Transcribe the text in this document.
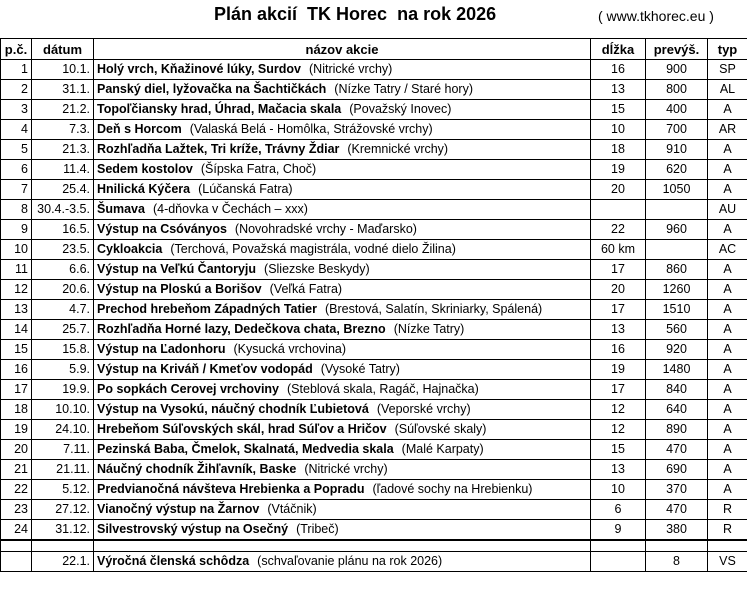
Plán akcií  TK Horec  na rok 2026	( www.tkhorec.eu )
p.č.	dátum	názov akcie	dĺžka	prevýš.	typ
1	10.1.	Holý vrch, Kňažinové lúky, Surdov (Nitrické vrchy)	16	900	SP
2	31.1.	Panský diel, lyžovačka na Šachtičkách (Nízke Tatry / Staré hory)	13	800	AL
3	21.2.	Topoľčiansky hrad, Úhrad, Mačacia skala (Považský Inovec)	15	400	A
4	7.3.	Deň s Horcom (Valaská Belá - Homôlka, Strážovské vrchy)	10	700	AR
5	21.3.	Rozhľadňa Lažtek, Tri kríže, Trávny Ždiar (Kremnické vrchy)	18	910	A
6	11.4.	Sedem kostolov (Šípska Fatra, Choč)	19	620	A
7	25.4.	Hnilická Kýčera (Lúčanská Fatra)	20	1050	A
8	30.4.-3.5.	Šumava (4-dňovka v Čechách – xxx)			AU
9	16.5.	Výstup na Csóványos (Novohradské vrchy - Maďarsko)	22	960	A
10	23.5.	Cykloakcia (Terchová, Považská magistrála, vodné dielo Žilina)	60 km		AC
11	6.6.	Výstup na Veľkú Čantoryju (Sliezske Beskydy)	17	860	A
12	20.6.	Výstup na Ploskú a Borišov (Veľká Fatra)	20	1260	A
13	4.7.	Prechod hrebeňom Západných Tatier (Brestová, Salatín, Skriniarky, Spálená)	17	1510	A
14	25.7.	Rozhľadňa Horné lazy, Dedečkova chata, Brezno (Nízke Tatry)	13	560	A
15	15.8.	Výstup na Ľadonhoru (Kysucká vrchovina)	16	920	A
16	5.9.	Výstup na Kriváň / Kmeťov vodopád (Vysoké Tatry)	19	1480	A
17	19.9.	Po sopkách Cerovej vrchoviny (Steblová skala, Ragáč, Hajnačka)	17	840	A
18	10.10.	Výstup na Vysokú, náučný chodník Ľubietová (Veporské vrchy)	12	640	A
19	24.10.	Hrebeňom Súľovských skál, hrad Súľov a Hričov (Súľovské skaly)	12	890	A
20	7.11.	Pezinská Baba, Čmelok, Skalnatá, Medvedia skala (Malé Karpaty)	15	470	A
21	21.11.	Náučný chodník Žihľavník, Baske (Nitrické vrchy)	13	690	A
22	5.12.	Predvianočná návšteva Hrebienka a Popradu (ľadové sochy na Hrebienku)	10	370	A
23	27.12.	Vianočný výstup na Žarnov (Vtáčnik)	6	470	R
24	31.12.	Silvestrovský výstup na Osečný (Tribeč)	9	380	R

	22.1.	Výročná členská schôdza (schvaľovanie plánu na rok 2026)		8	VS
